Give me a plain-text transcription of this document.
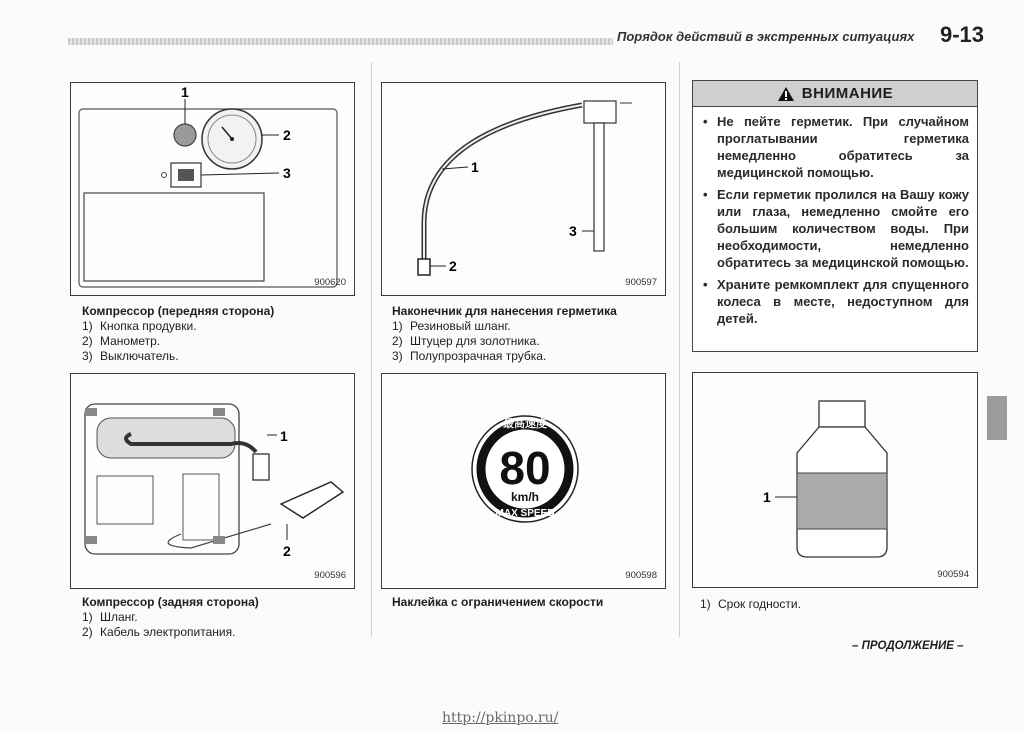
Порядок действий в экстренных ситуациях 9-13
1
2
3
900620
Компрессор (передняя сторона)
1) Кнопка продувки.
2) Манометр.
3) Выключатель.
1
2
3
900597
Наконечник для нанесения герметика
1) Резиновый шланг.
2) Штуцер для золотника.
3) Полупрозрачная трубка.
ВНИМАНИЕ
• Не пейте герметик. При случайном проглатывании герметика немедленно обратитесь за медицинской помощью.
• Если герметик пролился на Вашу кожу или глаза, немедленно смойте его большим количеством воды. При необходимости, немедленно обратитесь за медицинской помощью.
• Храните ремкомплект для спущенного колеса в месте, недоступном для детей.
1
2
900596
Компрессор (задняя сторона)
1) Шланг.
2) Кабель электропитания.
最高速度
80
km/h
MAX SPEED
900598
Наклейка с ограничением скорости
1
900594
1) Срок годности.
– ПРОДОЛЖЕНИЕ –
http://pkinpo.ru/
